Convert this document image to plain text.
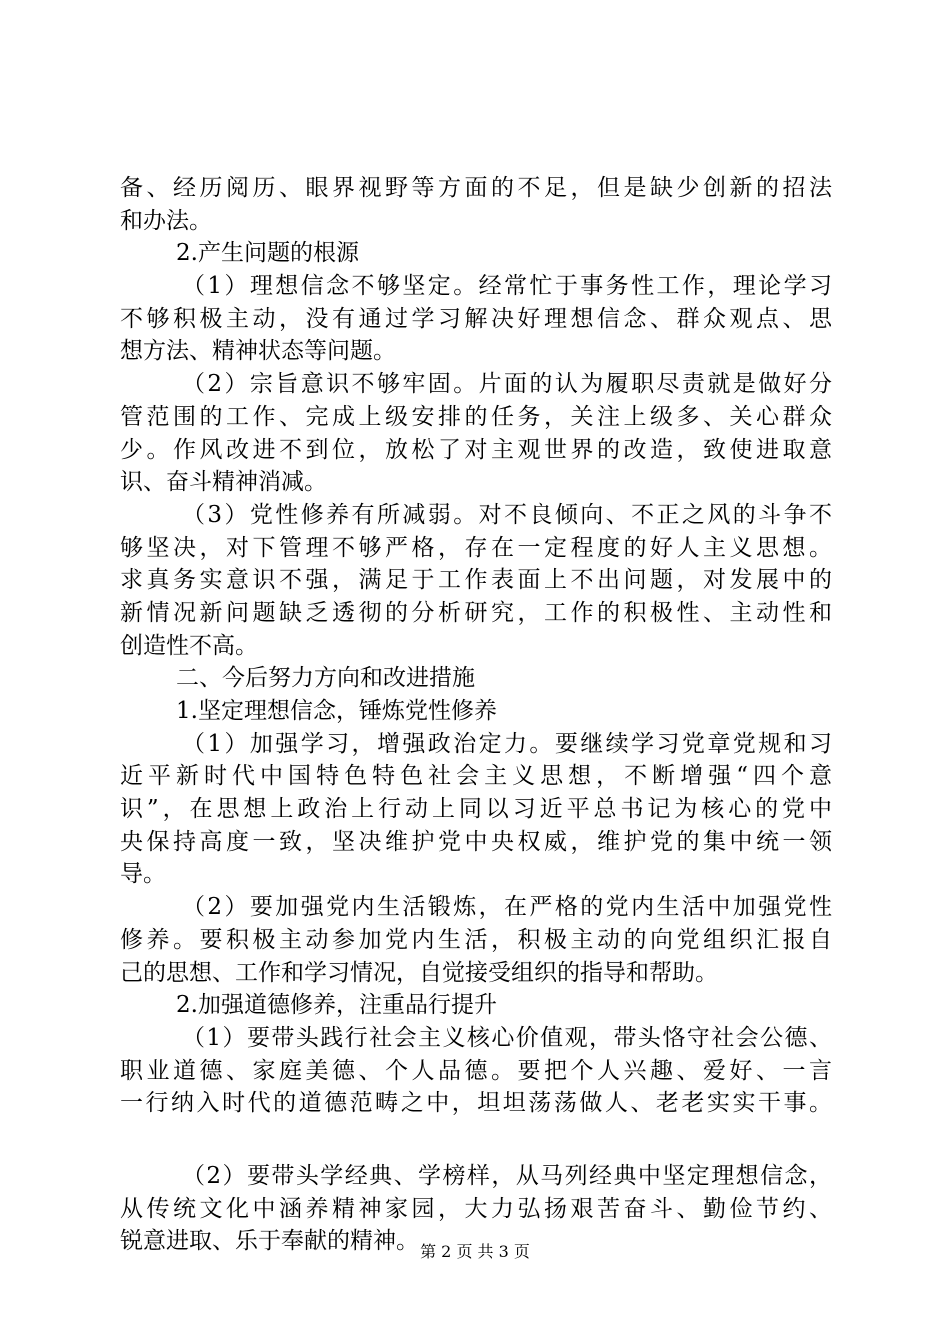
备、经历阅历、眼界视野等方面的不足，但是缺少创新的招法
和办法。
2.产生问题的根源
（1）理想信念不够坚定。经常忙于事务性工作，理论学习
不够积极主动，没有通过学习解决好理想信念、群众观点、思
想方法、精神状态等问题。
（2）宗旨意识不够牢固。片面的认为履职尽责就是做好分
管范围的工作、完成上级安排的任务，关注上级多、关心群众
少。作风改进不到位，放松了对主观世界的改造，致使进取意
识、奋斗精神消减。
（3）党性修养有所减弱。对不良倾向、不正之风的斗争不
够坚决，对下管理不够严格，存在一定程度的好人主义思想。
求真务实意识不强，满足于工作表面上不出问题，对发展中的
新情况新问题缺乏透彻的分析研究，工作的积极性、主动性和
创造性不高。
二、今后努力方向和改进措施
1.坚定理想信念，锤炼党性修养
（1）加强学习，增强政治定力。要继续学习党章党规和习
近平新时代中国特色特色社会主义思想，不断增强“四个意
识”，在思想上政治上行动上同以习近平总书记为核心的党中
央保持高度一致，坚决维护党中央权威，维护党的集中统一领
导。
（2）要加强党内生活锻炼，在严格的党内生活中加强党性
修养。要积极主动参加党内生活，积极主动的向党组织汇报自
己的思想、工作和学习情况，自觉接受组织的指导和帮助。
2.加强道德修养，注重品行提升
（1）要带头践行社会主义核心价值观，带头恪守社会公德、
职业道德、家庭美德、个人品德。要把个人兴趣、爱好、一言
一行纳入时代的道德范畴之中，坦坦荡荡做人、老老实实干事。
（2）要带头学经典、学榜样，从马列经典中坚定理想信念，
从传统文化中涵养精神家园，大力弘扬艰苦奋斗、勤俭节约、
锐意进取、乐于奉献的精神。 第 2 页 共 3 页
